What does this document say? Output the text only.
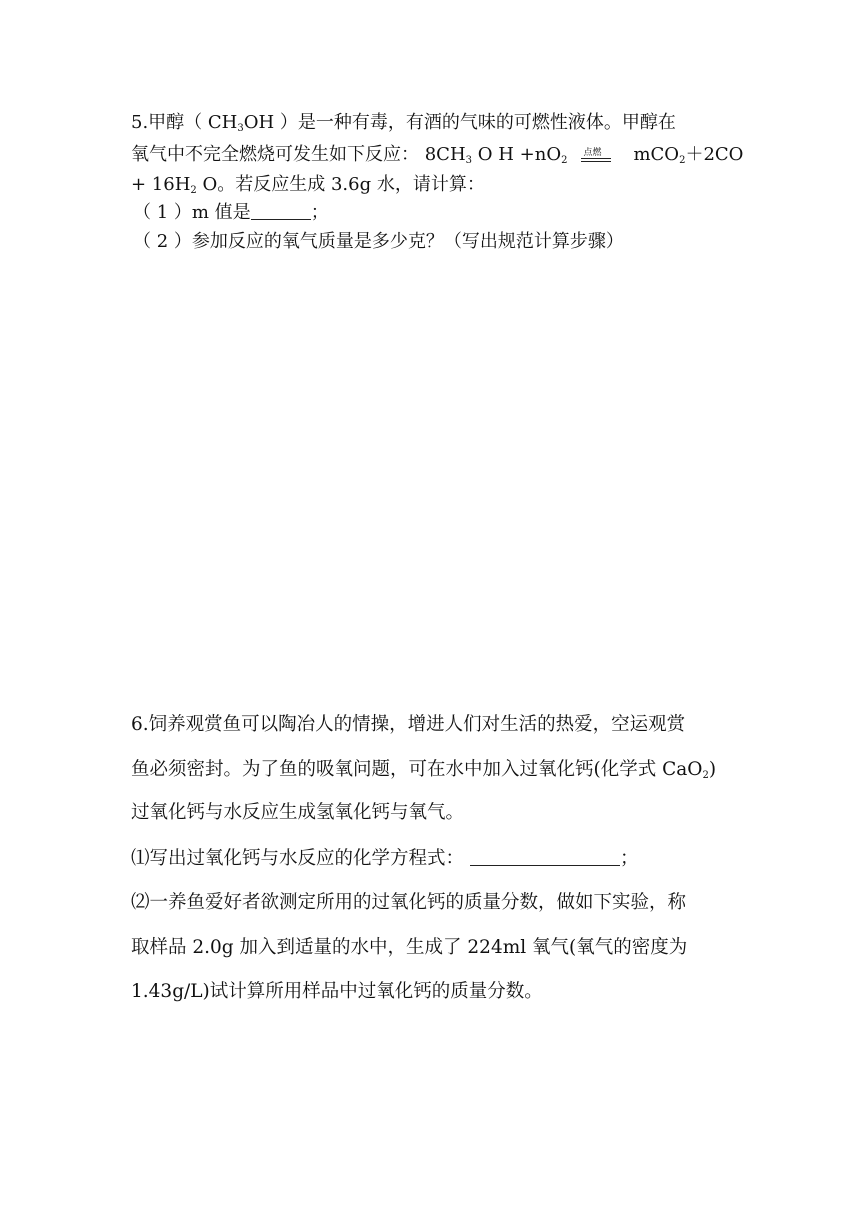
5.甲醇（ $CH_3OH$ ）是一种有毒，有酒的气味的可燃性液体。甲醇在
氧气中不完全燃烧可发生如下反应： $8CH_3$ O $H +nO_2$
点燃 mCO$_2$＋2CO
+ $16H_2$ O。若反应生成 3.6g 水，请计算：
（ 1 ）m 值是	；
（ 2 ）参加反应的氧气质量是多少克？（写出规范计算步骤）
6.饲养观赏鱼可以陶冶人的情操，增进人们对生活的热爱，空运观赏
鱼必须密封。为了鱼的吸氧问题，可在水中加入过氧化钙(化学式 CaO$_2$)
过氧化钙与水反应生成氢氧化钙与氧气。
⑴写出过氧化钙与水反应的化学方程式：	；
⑵一养鱼爱好者欲测定所用的过氧化钙的质量分数，做如下实验，称
取样品 2.0g 加入到适量的水中，生成了 224ml 氧气(氧气的密度为
1.43g/L)试计算所用样品中过氧化钙的质量分数。
